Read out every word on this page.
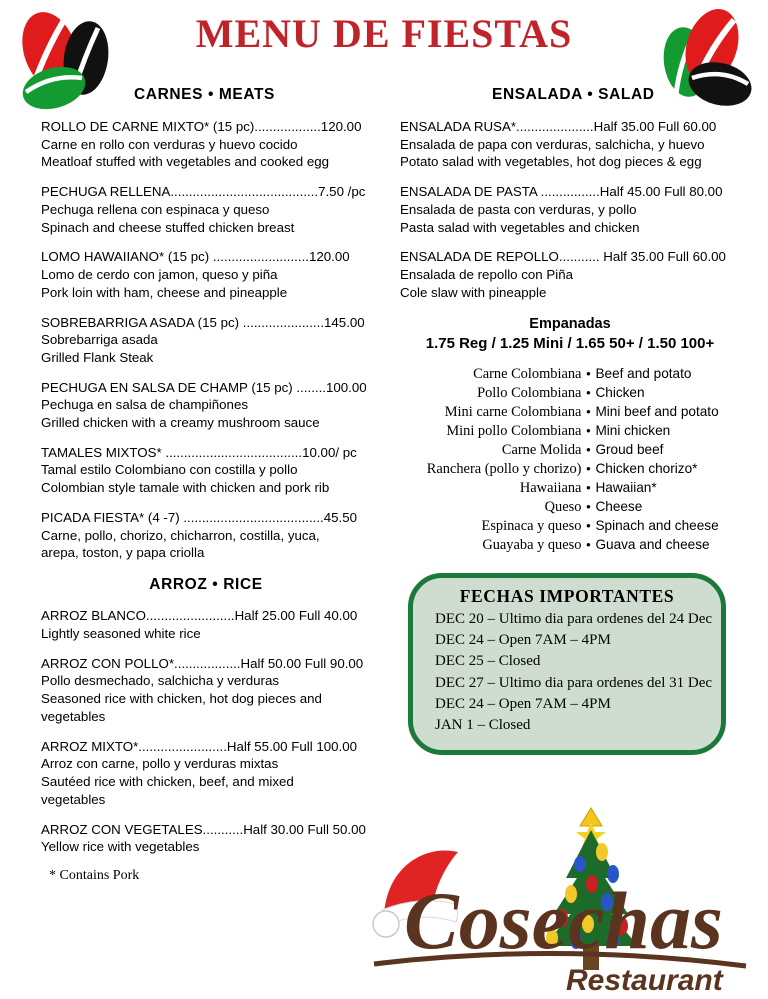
MENU DE FIESTAS
CARNES • MEATS	ENSALADA • SALAD
ROLLO DE CARNE MIXTO* (15 pc)..................120.00
Carne en rollo con verduras y huevo cocido
Meatloaf stuffed with vegetables and cooked egg
PECHUGA RELLENA........................................7.50 /pc
Pechuga rellena con espinaca y queso
Spinach and cheese stuffed chicken breast
LOMO HAWAIIANO* (15 pc) ..........................120.00
Lomo de cerdo con jamon, queso y piña
Pork loin with ham, cheese and pineapple
SOBREBARRIGA ASADA (15 pc) ......................145.00
Sobrebarriga asada
Grilled Flank Steak
PECHUGA EN SALSA DE CHAMP (15 pc) ........100.00
Pechuga en salsa de champiñones
Grilled chicken with a creamy mushroom sauce
TAMALES MIXTOS* .....................................10.00/ pc
Tamal estilo Colombiano con costilla y pollo
Colombian style tamale with chicken and pork rib
PICADA FIESTA* (4 -7) ......................................45.50
Carne, pollo, chorizo, chicharron, costilla, yuca,
arepa, toston, y papa criolla
ARROZ • RICE
ARROZ BLANCO........................Half 25.00 Full 40.00
Lightly seasoned white rice
ARROZ CON POLLO*..................Half 50.00 Full 90.00
Pollo desmechado, salchicha y verduras
Seasoned rice with chicken, hot dog pieces and
vegetables
ARROZ MIXTO*........................Half 55.00 Full 100.00
Arroz con carne, pollo y verduras mixtas
Sautéed rice with chicken, beef, and mixed
vegetables
ARROZ CON VEGETALES...........Half 30.00 Full 50.00
Yellow rice with vegetables
* Contains Pork
ENSALADA RUSA*.....................Half 35.00 Full 60.00
Ensalada de papa con verduras, salchicha, y huevo
Potato salad with vegetables, hot dog pieces & egg
ENSALADA DE PASTA ................Half 45.00 Full 80.00
Ensalada de pasta con verduras, y pollo
Pasta salad with vegetables and chicken
ENSALADA DE REPOLLO........... Half 35.00 Full 60.00
Ensalada de repollo con Piña
Cole slaw with pineapple
Empanadas
1.75 Reg / 1.25 Mini / 1.65 50+ / 1.50 100+
Carne Colombiana	•	Beef and potato
Pollo Colombiana	•	Chicken
Mini carne Colombiana	•	Mini beef and potato
Mini pollo Colombiana	•	Mini chicken
Carne Molida	•	Groud beef
Ranchera (pollo y chorizo)	•	Chicken chorizo*
Hawaiiana	•	Hawaiian*
Queso	•	Cheese
Espinaca y queso	•	Spinach and cheese
Guayaba y queso	•	Guava and cheese
FECHAS IMPORTANTES
DEC 20 – Ultimo dia para ordenes del 24 Dec
DEC 24 – Open 7AM – 4PM
DEC 25 – Closed
DEC 27 – Ultimo dia para ordenes del 31 Dec
DEC 24 – Open 7AM – 4PM
JAN 1 – Closed
Cosechas
Restaurant
